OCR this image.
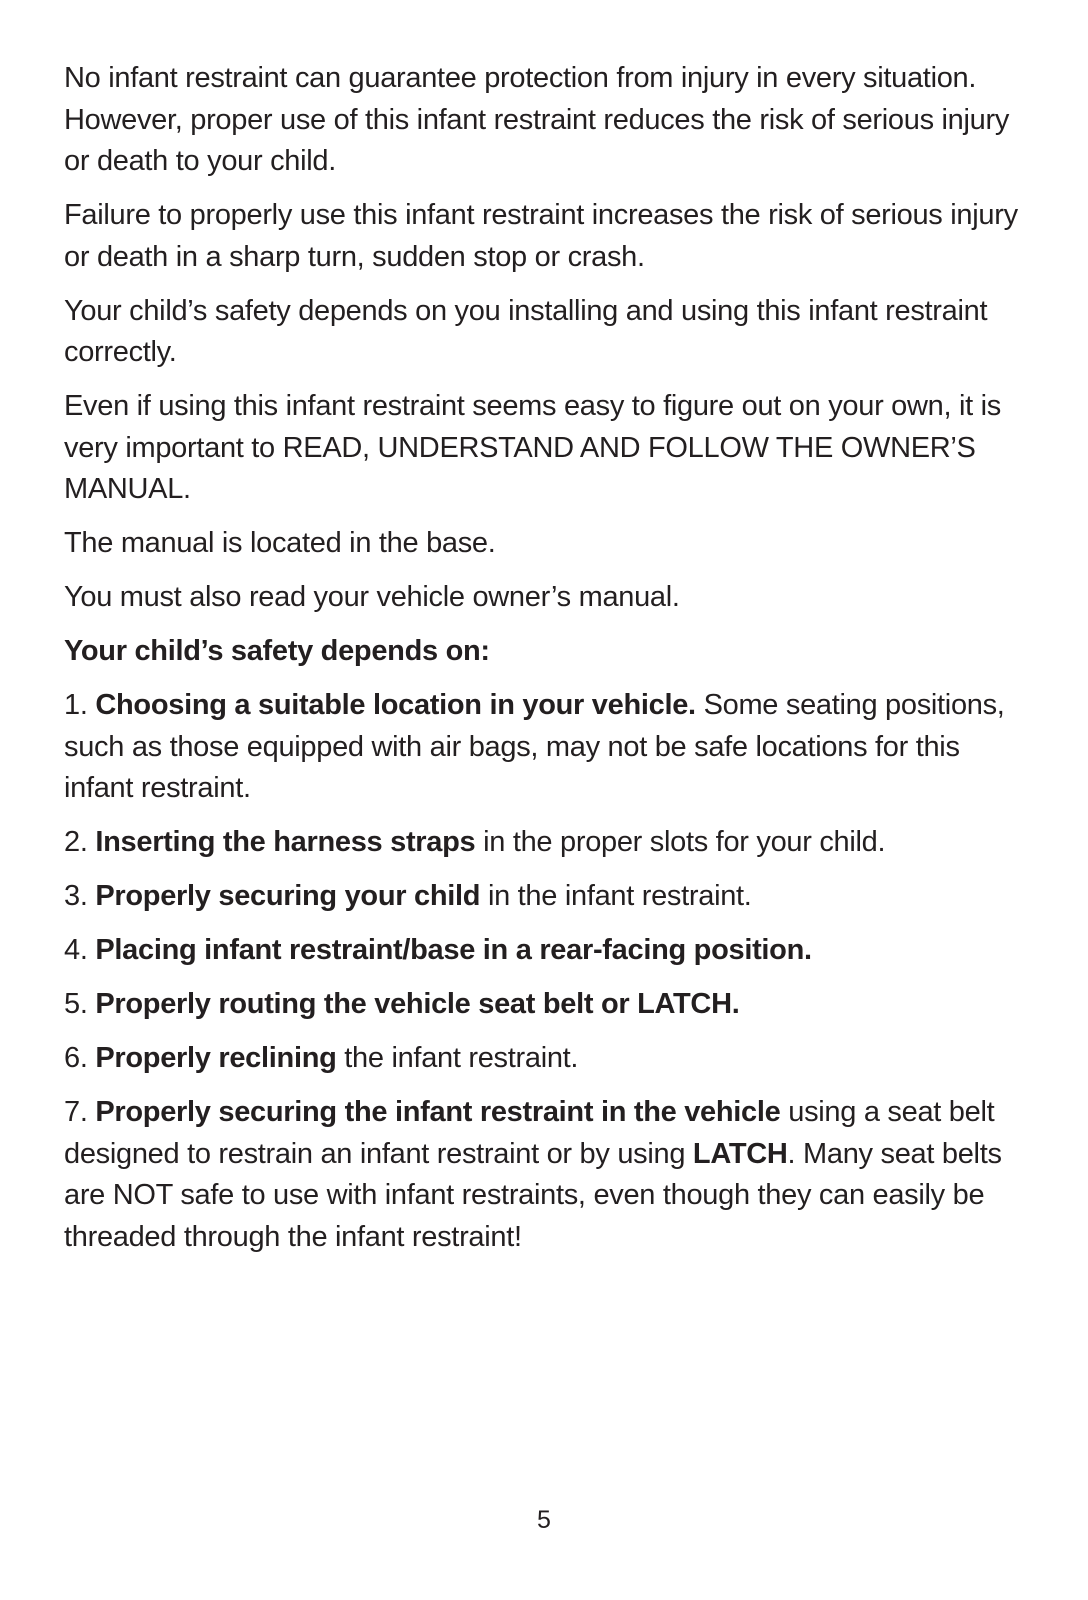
No infant restraint can guarantee protection from injury in every situation. However, proper use of this infant restraint reduces the risk of serious injury or death to your child.

Failure to properly use this infant restraint increases the risk of serious injury or death in a sharp turn, sudden stop or crash.

Your child’s safety depends on you installing and using this infant restraint correctly.

Even if using this infant restraint seems easy to figure out on your own, it is very important to READ, UNDERSTAND AND FOLLOW THE OWNER’S MANUAL.

The manual is located in the base.

You must also read your vehicle owner’s manual.

Your child’s safety depends on:

1. Choosing a suitable location in your vehicle. Some seating positions, such as those equipped with air bags, may not be safe locations for this infant restraint.

2. Inserting the harness straps in the proper slots for your child.

3. Properly securing your child in the infant restraint.

4. Placing infant restraint/base in a rear-facing position.

5. Properly routing the vehicle seat belt or LATCH.

6. Properly reclining the infant restraint.

7. Properly securing the infant restraint in the vehicle using a seat belt designed to restrain an infant restraint or by using LATCH. Many seat belts are NOT safe to use with infant restraints, even though they can easily be threaded through the infant restraint!

5
